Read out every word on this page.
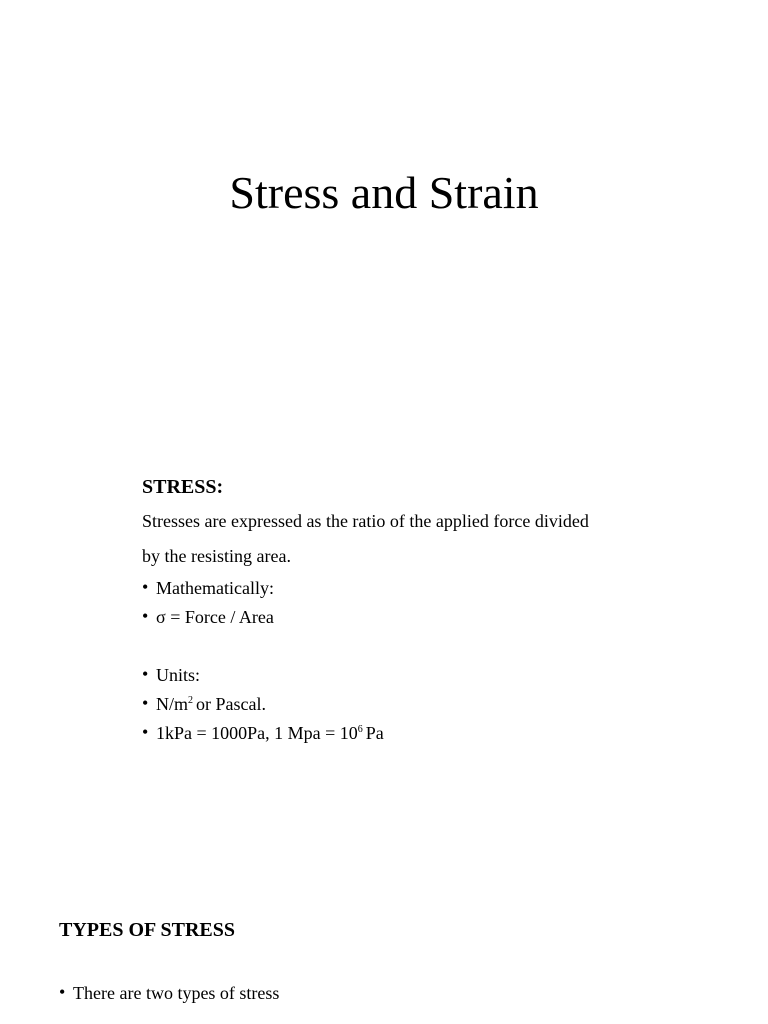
Stress and Strain

STRESS:

Stresses are expressed as the ratio of the applied force divided
by the resisting area.

• Mathematically:
• σ = Force / Area
• Units:
• $N/m^2$ or Pascal.
• 1kPa = 1000Pa, 1 Mpa = $10^6$ Pa

TYPES OF STRESS

• There are two types of stress
